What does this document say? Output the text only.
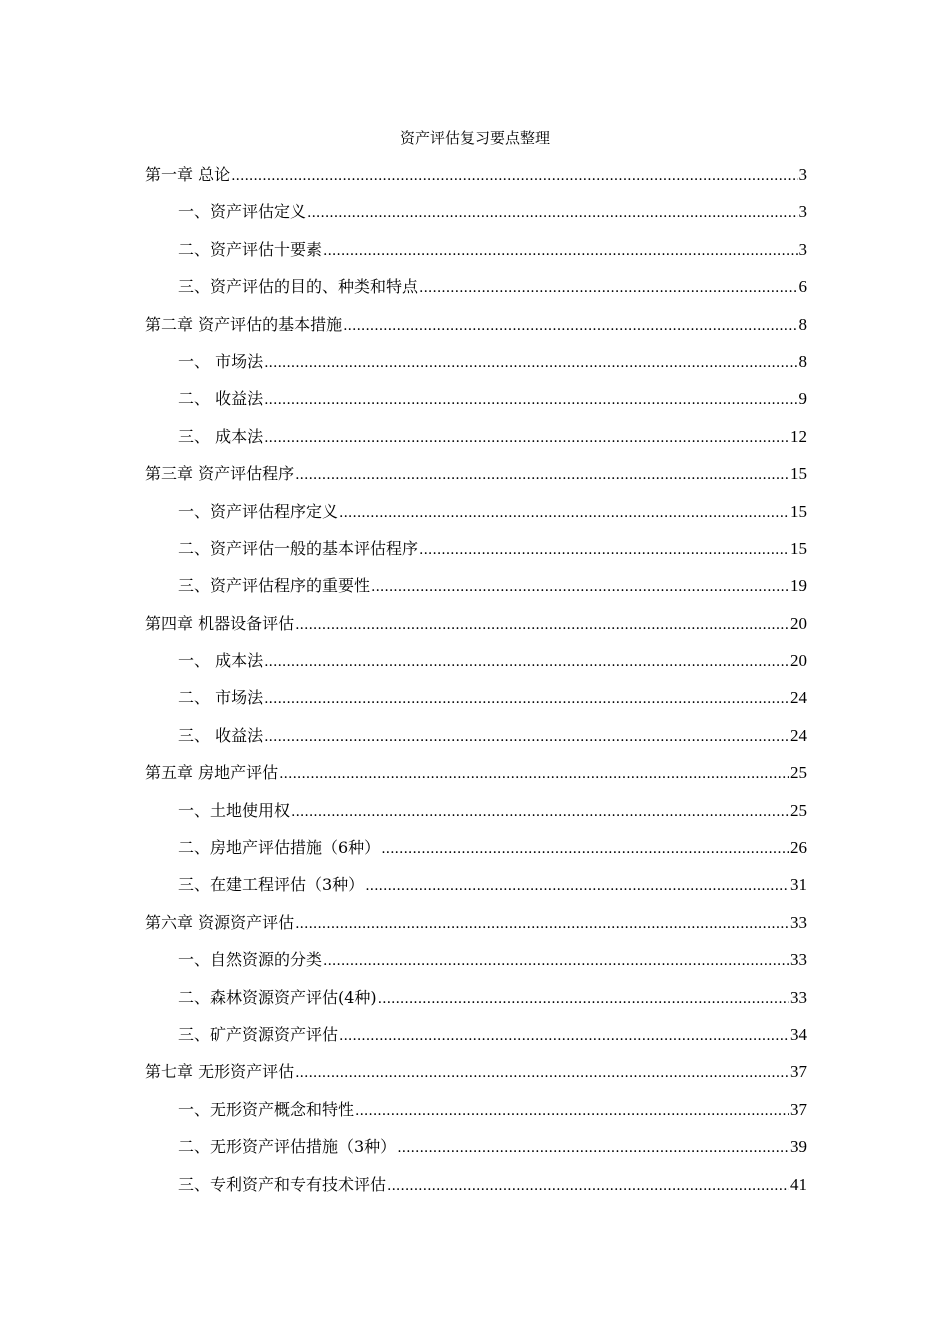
资产评估复习要点整理
第一章 总论 .....	3
一、资产评估定义 .....	3
二、资产评估十要素 .....	3
三、资产评估的目的、种类和特点 .....	6
第二章 资产评估的基本措施 .....	8
一、 市场法 .....	8
二、 收益法 .....	9
三、 成本法 .....	12
第三章 资产评估程序 .....	15
一、资产评估程序定义 .....	15
二、资产评估一般的基本评估程序 .....	15
三、资产评估程序的重要性 .....	19
第四章 机器设备评估 .....	20
一、 成本法 .....	20
二、 市场法 .....	24
三、 收益法 .....	24
第五章 房地产评估 .....	25
一、土地使用权 .....	25
二、房地产评估措施（6种） .....	26
三、在建工程评估（3种） .....	31
第六章 资源资产评估 .....	33
一、自然资源的分类 .....	33
二、森林资源资产评估(4种) .....	33
三、矿产资源资产评估 .....	34
第七章 无形资产评估 .....	37
一、无形资产概念和特性 .....	37
二、无形资产评估措施（3种） .....	39
三、专利资产和专有技术评估 .....	41
